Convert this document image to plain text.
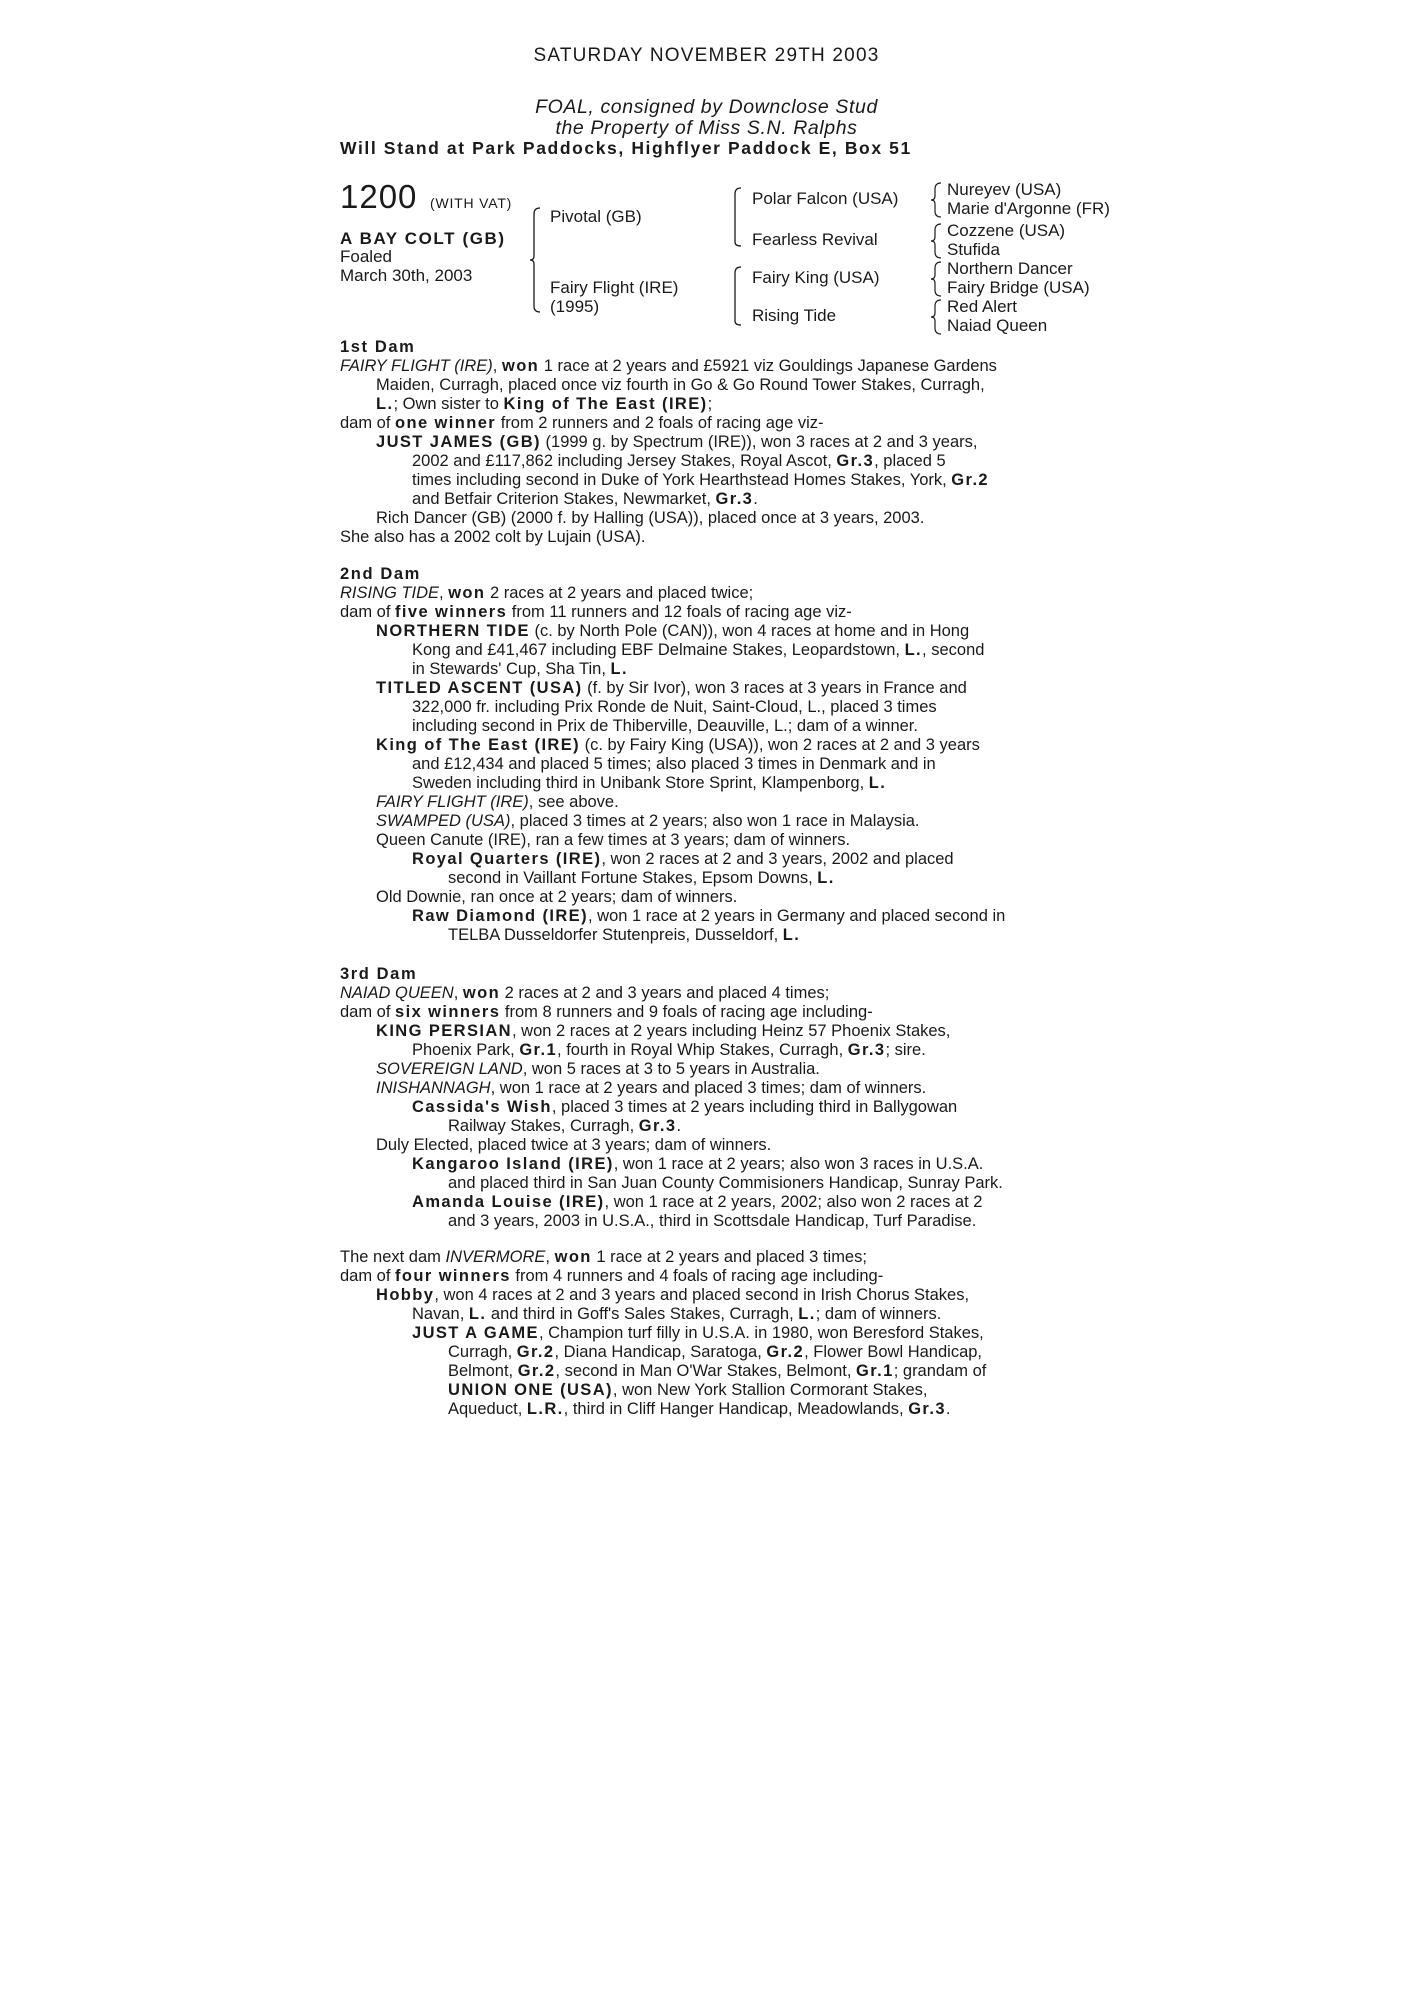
SATURDAY NOVEMBER 29TH 2003
FOAL, consigned by Downclose Stud
the Property of Miss S.N. Ralphs
Will Stand at Park Paddocks, Highflyer Paddock E, Box 51
1200 (WITH VAT)
A BAY COLT (GB)
Foaled
March 30th, 2003
Pivotal (GB)
Fairy Flight (IRE)
(1995)
Polar Falcon (USA)
Fearless Revival
Fairy King (USA)
Rising Tide
Nureyev (USA)
Marie d'Argonne (FR)
Cozzene (USA)
Stufida
Northern Dancer
Fairy Bridge (USA)
Red Alert
Naiad Queen
1st Dam
FAIRY FLIGHT (IRE), won 1 race at 2 years and £5921 viz Gouldings Japanese Gardens
Maiden, Curragh, placed once viz fourth in Go & Go Round Tower Stakes, Curragh,
L.; Own sister to King of The East (IRE);
dam of one winner from 2 runners and 2 foals of racing age viz-
JUST JAMES (GB) (1999 g. by Spectrum (IRE)), won 3 races at 2 and 3 years,
2002 and £117,862 including Jersey Stakes, Royal Ascot, Gr.3, placed 5
times including second in Duke of York Hearthstead Homes Stakes, York, Gr.2
and Betfair Criterion Stakes, Newmarket, Gr.3.
Rich Dancer (GB) (2000 f. by Halling (USA)), placed once at 3 years, 2003.
She also has a 2002 colt by Lujain (USA).
2nd Dam
RISING TIDE, won 2 races at 2 years and placed twice;
dam of five winners from 11 runners and 12 foals of racing age viz-
NORTHERN TIDE (c. by North Pole (CAN)), won 4 races at home and in Hong
Kong and £41,467 including EBF Delmaine Stakes, Leopardstown, L., second
in Stewards' Cup, Sha Tin, L.
TITLED ASCENT (USA) (f. by Sir Ivor), won 3 races at 3 years in France and
322,000 fr. including Prix Ronde de Nuit, Saint-Cloud, L., placed 3 times
including second in Prix de Thiberville, Deauville, L.; dam of a winner.
King of The East (IRE) (c. by Fairy King (USA)), won 2 races at 2 and 3 years
and £12,434 and placed 5 times; also placed 3 times in Denmark and in
Sweden including third in Unibank Store Sprint, Klampenborg, L.
FAIRY FLIGHT (IRE), see above.
SWAMPED (USA), placed 3 times at 2 years; also won 1 race in Malaysia.
Queen Canute (IRE), ran a few times at 3 years; dam of winners.
Royal Quarters (IRE), won 2 races at 2 and 3 years, 2002 and placed
second in Vaillant Fortune Stakes, Epsom Downs, L.
Old Downie, ran once at 2 years; dam of winners.
Raw Diamond (IRE), won 1 race at 2 years in Germany and placed second in
TELBA Dusseldorfer Stutenpreis, Dusseldorf, L.
3rd Dam
NAIAD QUEEN, won 2 races at 2 and 3 years and placed 4 times;
dam of six winners from 8 runners and 9 foals of racing age including-
KING PERSIAN, won 2 races at 2 years including Heinz 57 Phoenix Stakes,
Phoenix Park, Gr.1, fourth in Royal Whip Stakes, Curragh, Gr.3; sire.
SOVEREIGN LAND, won 5 races at 3 to 5 years in Australia.
INISHANNAGH, won 1 race at 2 years and placed 3 times; dam of winners.
Cassida's Wish, placed 3 times at 2 years including third in Ballygowan
Railway Stakes, Curragh, Gr.3.
Duly Elected, placed twice at 3 years; dam of winners.
Kangaroo Island (IRE), won 1 race at 2 years; also won 3 races in U.S.A.
and placed third in San Juan County Commisioners Handicap, Sunray Park.
Amanda Louise (IRE), won 1 race at 2 years, 2002; also won 2 races at 2
and 3 years, 2003 in U.S.A., third in Scottsdale Handicap, Turf Paradise.
The next dam INVERMORE, won 1 race at 2 years and placed 3 times;
dam of four winners from 4 runners and 4 foals of racing age including-
Hobby, won 4 races at 2 and 3 years and placed second in Irish Chorus Stakes,
Navan, L. and third in Goff's Sales Stakes, Curragh, L.; dam of winners.
JUST A GAME, Champion turf filly in U.S.A. in 1980, won Beresford Stakes,
Curragh, Gr.2, Diana Handicap, Saratoga, Gr.2, Flower Bowl Handicap,
Belmont, Gr.2, second in Man O'War Stakes, Belmont, Gr.1; grandam of
UNION ONE (USA), won New York Stallion Cormorant Stakes,
Aqueduct, L.R., third in Cliff Hanger Handicap, Meadowlands, Gr.3.
